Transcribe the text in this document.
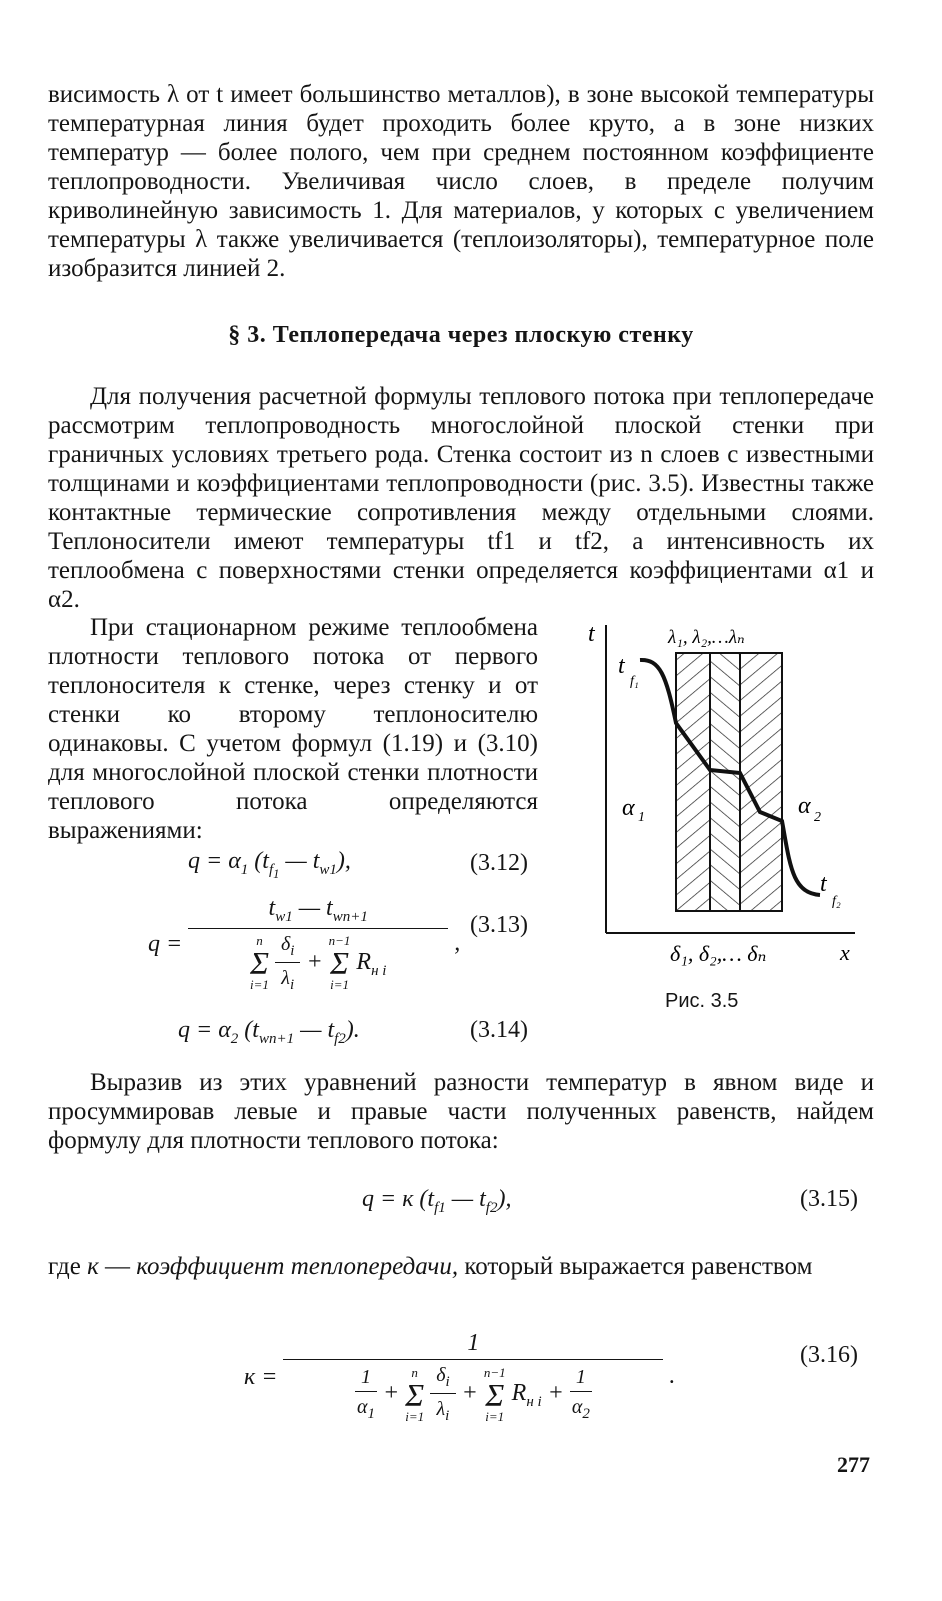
висимость λ от t имеет большинство металлов), в зоне высокой температуры температурная линия будет проходить более круто, а в зоне низких температур — более полого, чем при среднем постоянном коэффициенте теплопроводности. Увеличивая число слоев, в пределе получим криволинейную зависимость 1. Для материалов, у которых с увеличением температуры λ также увеличивается (теплоизоляторы), температурное поле изобразится линией 2.

§ 3. Теплопередача через плоскую стенку

Для получения расчетной формулы теплового потока при теплопередаче рассмотрим теплопроводность многослойной плоской стенки при граничных условиях третьего рода. Стенка состоит из n слоев с известными толщинами и коэффициентами теплопроводности (рис. 3.5). Известны также контактные термические сопротивления между отдельными слоями. Теплоносители имеют температуры tf1 и tf2, а интенсивность их теплообмена с поверхностями стенки определяется коэффициентами α1 и α2.

При стационарном режиме теплообмена плотности теплового потока от первого теплоносителя к стенке, через стенку и от стенки ко второму теплоносителю одинаковы. С учетом формул (1.19) и (3.10) для многослойной плоской стенки плотности теплового потока определяются выражениями:

$q = \alpha_1$ ($t_{f_1}$ — $t_{w1}$),	(3.12)
$q = t_{w1}$ — $t_{wn+1}$
n
Σ
i=1
$\frac{\delta_i}{\lambda_i}$ +
n−1
Σ
i=1
$R_{н i}$ ,
(3.13)
$q = \alpha_2$ ($t_{wn+1}$ — $t_{f2}$).	(3.14)
t
x
t
f₁
t
f₂
α 1	α 2
λ₁, λ₂,…λₙ
δ₁, δ₂,… δₙ
Рис. 3.5

Выразив из этих уравнений разности температур в явном виде и просуммировав левые и правые части полученных равенств, найдем формулу для плотности теплового потока:

q = к ($t_{f1}$ — $t_{f2}$),	(3.15)

где к — коэффициент теплопередачи, который выражается равенством

к =
1
$\frac{1}{\alpha_1}$ +
n
Σ
i=1
$\frac{\delta_i}{\lambda_i}$ +
n−1
Σ
i=1
$R_{н i} + \frac{1}{\alpha_2}$	.
(3.16)
277
